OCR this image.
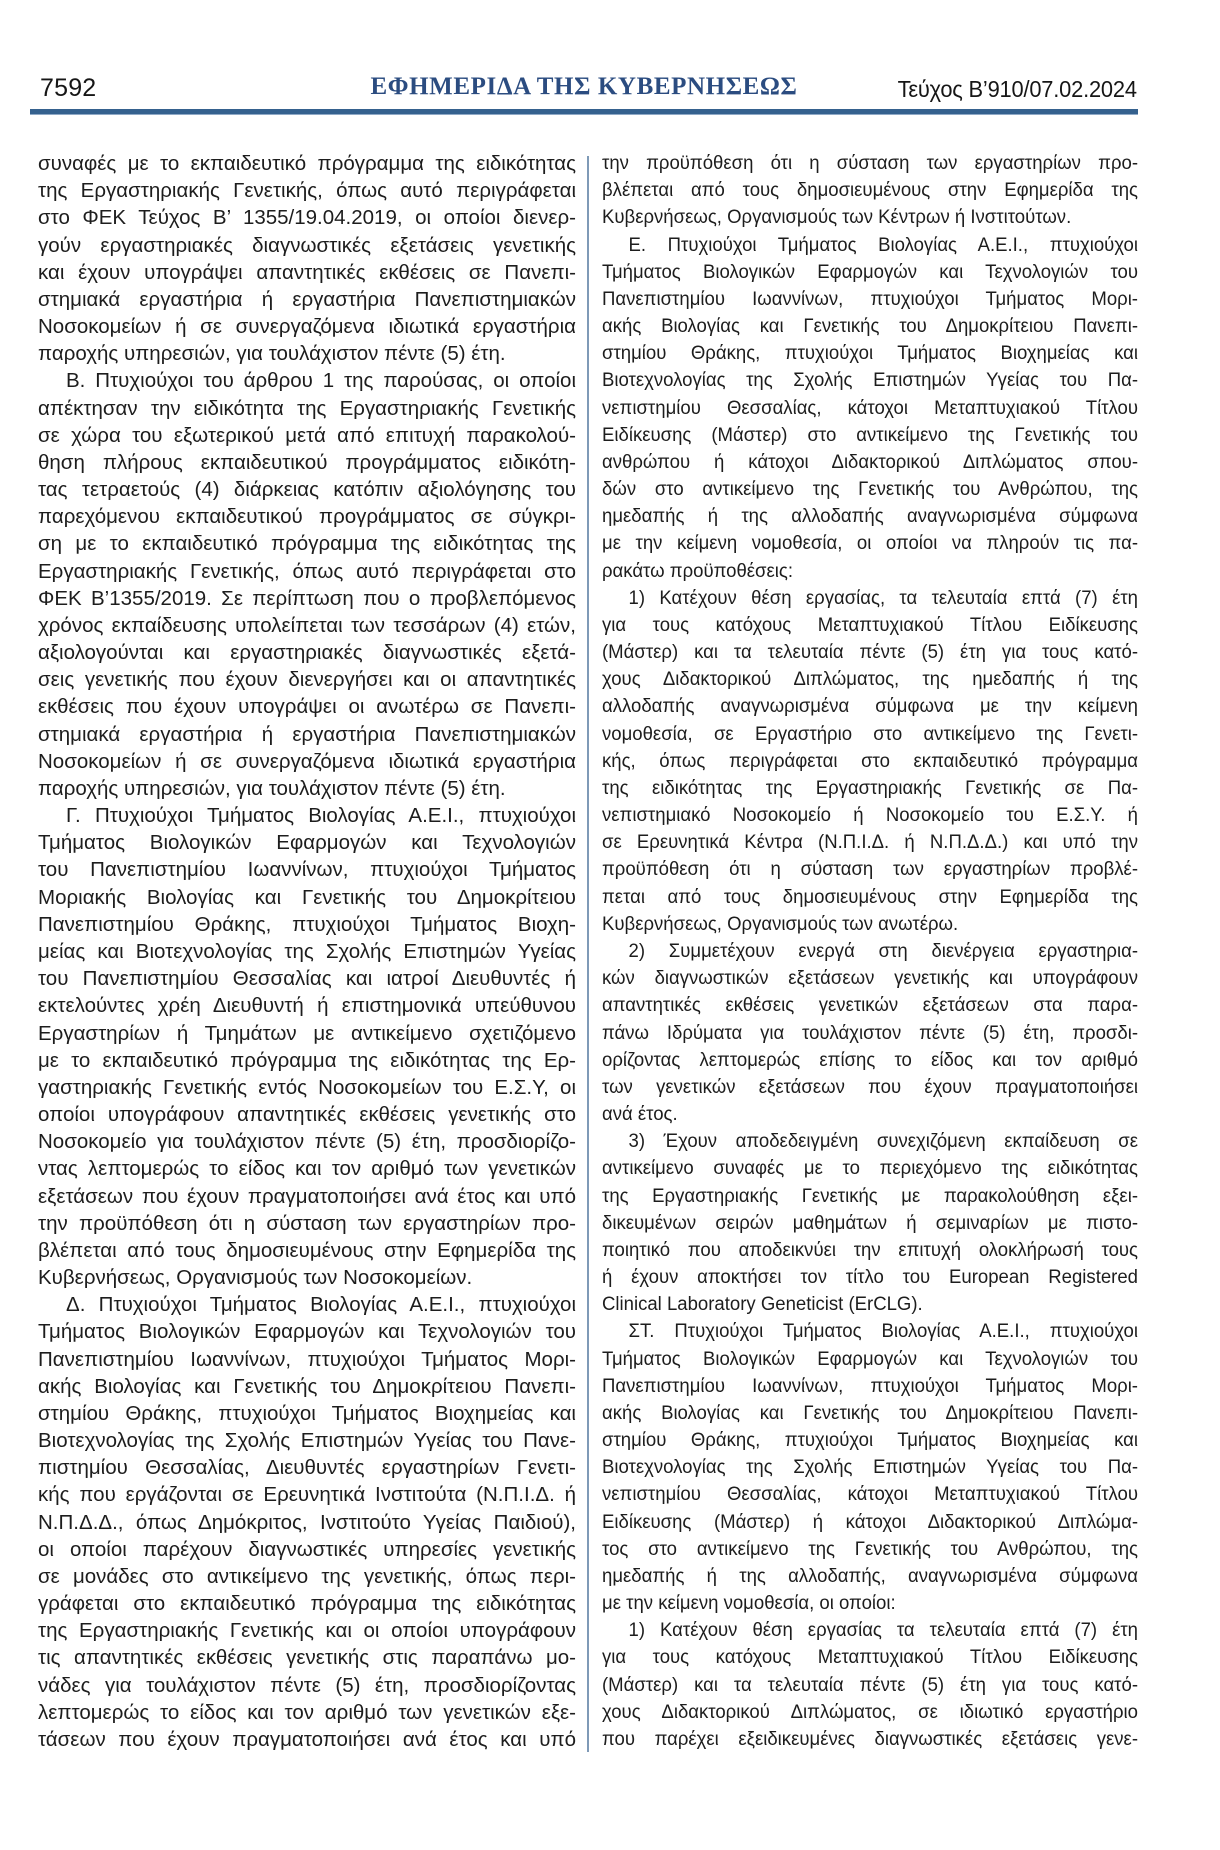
7592	ΕΦΗΜΕΡΙΔΑ ΤΗΣ ΚΥΒΕΡΝΗΣΕΩΣ	Τεύχος Β’910/07.02.2024
συναφές με το εκπαιδευτικό πρόγραμμα της ειδικότητας
της Εργαστηριακής Γενετικής, όπως αυτό περιγράφεται
στο ΦΕΚ Τεύχος Β’ 1355/19.04.2019, οι οποίοι διενερ-
γούν εργαστηριακές διαγνωστικές εξετάσεις γενετικής
και έχουν υπογράψει απαντητικές εκθέσεις σε Πανεπι-
στημιακά εργαστήρια ή εργαστήρια Πανεπιστημιακών
Νοσοκομείων ή σε συνεργαζόμενα ιδιωτικά εργαστήρια
παροχής υπηρεσιών, για τουλάχιστον πέντε (5) έτη.
Β. Πτυχιούχοι του άρθρου 1 της παρούσας, οι οποίοι
απέκτησαν την ειδικότητα της Εργαστηριακής Γενετικής
σε χώρα του εξωτερικού μετά από επιτυχή παρακολού-
θηση πλήρους εκπαιδευτικού προγράμματος ειδικότη-
τας τετραετούς (4) διάρκειας κατόπιν αξιολόγησης του
παρεχόμενου εκπαιδευτικού προγράμματος σε σύγκρι-
ση με το εκπαιδευτικό πρόγραμμα της ειδικότητας της
Εργαστηριακής Γενετικής, όπως αυτό περιγράφεται στο
ΦΕΚ Β’1355/2019. Σε περίπτωση που ο προβλεπόμενος
χρόνος εκπαίδευσης υπολείπεται των τεσσάρων (4) ετών,
αξιολογούνται και εργαστηριακές διαγνωστικές εξετά-
σεις γενετικής που έχουν διενεργήσει και οι απαντητικές
εκθέσεις που έχουν υπογράψει οι ανωτέρω σε Πανεπι-
στημιακά εργαστήρια ή εργαστήρια Πανεπιστημιακών
Νοσοκομείων ή σε συνεργαζόμενα ιδιωτικά εργαστήρια
παροχής υπηρεσιών, για τουλάχιστον πέντε (5) έτη.
Γ. Πτυχιούχοι Τμήματος Βιολογίας Α.Ε.Ι., πτυχιούχοι
Τμήματος Βιολογικών Εφαρμογών και Τεχνολογιών
του Πανεπιστημίου Ιωαννίνων, πτυχιούχοι Τμήματος
Μοριακής Βιολογίας και Γενετικής του Δημοκρίτειου
Πανεπιστημίου Θράκης, πτυχιούχοι Τμήματος Βιοχη-
μείας και Βιοτεχνολογίας της Σχολής Επιστημών Υγείας
του Πανεπιστημίου Θεσσαλίας και ιατροί Διευθυντές ή
εκτελούντες χρέη Διευθυντή ή επιστημονικά υπεύθυνου
Εργαστηρίων ή Τμημάτων με αντικείμενο σχετιζόμενο
με το εκπαιδευτικό πρόγραμμα της ειδικότητας της Ερ-
γαστηριακής Γενετικής εντός Νοσοκομείων του Ε.Σ.Υ, οι
οποίοι υπογράφουν απαντητικές εκθέσεις γενετικής στο
Νοσοκομείο για τουλάχιστον πέντε (5) έτη, προσδιορίζο-
ντας λεπτομερώς το είδος και τον αριθμό των γενετικών
εξετάσεων που έχουν πραγματοποιήσει ανά έτος και υπό
την προϋπόθεση ότι η σύσταση των εργαστηρίων προ-
βλέπεται από τους δημοσιευμένους στην Εφημερίδα της
Κυβερνήσεως, Οργανισμούς των Νοσοκομείων.
Δ. Πτυχιούχοι Τμήματος Βιολογίας Α.Ε.Ι., πτυχιούχοι
Τμήματος Βιολογικών Εφαρμογών και Τεχνολογιών του
Πανεπιστημίου Ιωαννίνων, πτυχιούχοι Τμήματος Μορι-
ακής Βιολογίας και Γενετικής του Δημοκρίτειου Πανεπι-
στημίου Θράκης, πτυχιούχοι Τμήματος Βιοχημείας και
Βιοτεχνολογίας της Σχολής Επιστημών Υγείας του Πανε-
πιστημίου Θεσσαλίας, Διευθυντές εργαστηρίων Γενετι-
κής που εργάζονται σε Ερευνητικά Ινστιτούτα (Ν.Π.Ι.Δ. ή
Ν.Π.Δ.Δ., όπως Δημόκριτος, Ινστιτούτο Υγείας Παιδιού),
οι οποίοι παρέχουν διαγνωστικές υπηρεσίες γενετικής
σε μονάδες στο αντικείμενο της γενετικής, όπως περι-
γράφεται στο εκπαιδευτικό πρόγραμμα της ειδικότητας
της Εργαστηριακής Γενετικής και οι οποίοι υπογράφουν
τις απαντητικές εκθέσεις γενετικής στις παραπάνω μο-
νάδες για τουλάχιστον πέντε (5) έτη, προσδιορίζοντας
λεπτομερώς το είδος και τον αριθμό των γενετικών εξε-
τάσεων που έχουν πραγματοποιήσει ανά έτος και υπό
την προϋπόθεση ότι η σύσταση των εργαστηρίων προ-
βλέπεται από τους δημοσιευμένους στην Εφημερίδα της
Κυβερνήσεως, Οργανισμούς των Κέντρων ή Ινστιτούτων.
Ε. Πτυχιούχοι Τμήματος Βιολογίας Α.Ε.Ι., πτυχιούχοι
Τμήματος Βιολογικών Εφαρμογών και Τεχνολογιών του
Πανεπιστημίου Ιωαννίνων, πτυχιούχοι Τμήματος Μορι-
ακής Βιολογίας και Γενετικής του Δημοκρίτειου Πανεπι-
στημίου Θράκης, πτυχιούχοι Τμήματος Βιοχημείας και
Βιοτεχνολογίας της Σχολής Επιστημών Υγείας του Πα-
νεπιστημίου Θεσσαλίας, κάτοχοι Μεταπτυχιακού Τίτλου
Ειδίκευσης (Μάστερ) στο αντικείμενο της Γενετικής του
ανθρώπου ή κάτοχοι Διδακτορικού Διπλώματος σπου-
δών στο αντικείμενο της Γενετικής του Ανθρώπου, της
ημεδαπής ή της αλλοδαπής αναγνωρισμένα σύμφωνα
με την κείμενη νομοθεσία, οι οποίοι να πληρούν τις πα-
ρακάτω προϋποθέσεις:
1) Κατέχουν θέση εργασίας, τα τελευταία επτά (7) έτη
για τους κατόχους Μεταπτυχιακού Τίτλου Ειδίκευσης
(Μάστερ) και τα τελευταία πέντε (5) έτη για τους κατό-
χους Διδακτορικού Διπλώματος, της ημεδαπής ή της
αλλοδαπής αναγνωρισμένα σύμφωνα με την κείμενη
νομοθεσία, σε Εργαστήριο στο αντικείμενο της Γενετι-
κής, όπως περιγράφεται στο εκπαιδευτικό πρόγραμμα
της ειδικότητας της Εργαστηριακής Γενετικής σε Πα-
νεπιστημιακό Νοσοκομείο ή Νοσοκομείο του Ε.Σ.Υ. ή
σε Ερευνητικά Κέντρα (Ν.Π.Ι.Δ. ή Ν.Π.Δ.Δ.) και υπό την
προϋπόθεση ότι η σύσταση των εργαστηρίων προβλέ-
πεται από τους δημοσιευμένους στην Εφημερίδα της
Κυβερνήσεως, Οργανισμούς των ανωτέρω.
2) Συμμετέχουν ενεργά στη διενέργεια εργαστηρια-
κών διαγνωστικών εξετάσεων γενετικής και υπογράφουν
απαντητικές εκθέσεις γενετικών εξετάσεων στα παρα-
πάνω Ιδρύματα για τουλάχιστον πέντε (5) έτη, προσδι-
ορίζοντας λεπτομερώς επίσης το είδος και τον αριθμό
των γενετικών εξετάσεων που έχουν πραγματοποιήσει
ανά έτος.
3) Έχουν αποδεδειγμένη συνεχιζόμενη εκπαίδευση σε
αντικείμενο συναφές με το περιεχόμενο της ειδικότητας
της Εργαστηριακής Γενετικής με παρακολούθηση εξει-
δικευμένων σειρών μαθημάτων ή σεμιναρίων με πιστο-
ποιητικό που αποδεικνύει την επιτυχή ολοκλήρωσή τους
ή έχουν αποκτήσει τον τίτλο του European Registered
Clinical Laboratory Geneticist (ErCLG).
ΣΤ. Πτυχιούχοι Τμήματος Βιολογίας Α.Ε.Ι., πτυχιούχοι
Τμήματος Βιολογικών Εφαρμογών και Τεχνολογιών του
Πανεπιστημίου Ιωαννίνων, πτυχιούχοι Τμήματος Μορι-
ακής Βιολογίας και Γενετικής του Δημοκρίτειου Πανεπι-
στημίου Θράκης, πτυχιούχοι Τμήματος Βιοχημείας και
Βιοτεχνολογίας της Σχολής Επιστημών Υγείας του Πα-
νεπιστημίου Θεσσαλίας, κάτοχοι Μεταπτυχιακού Τίτλου
Ειδίκευσης (Μάστερ) ή κάτοχοι Διδακτορικού Διπλώμα-
τος στο αντικείμενο της Γενετικής του Ανθρώπου, της
ημεδαπής ή της αλλοδαπής, αναγνωρισμένα σύμφωνα
με την κείμενη νομοθεσία, οι οποίοι:
1) Κατέχουν θέση εργασίας τα τελευταία επτά (7) έτη
για τους κατόχους Μεταπτυχιακού Τίτλου Ειδίκευσης
(Μάστερ) και τα τελευταία πέντε (5) έτη για τους κατό-
χους Διδακτορικού Διπλώματος, σε ιδιωτικό εργαστήριο
που παρέχει εξειδικευμένες διαγνωστικές εξετάσεις γενε-
